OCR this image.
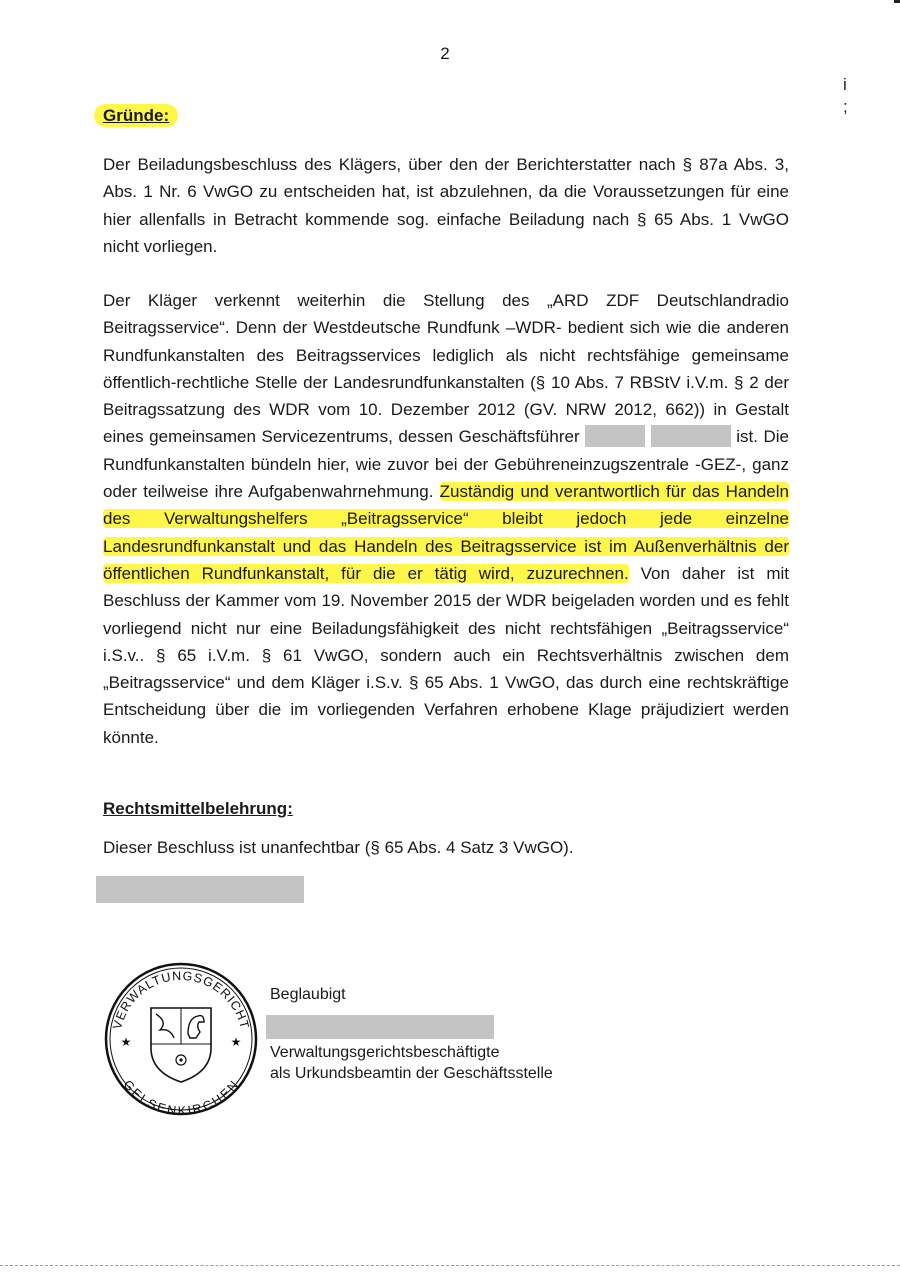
2
i ;
Gründe:

Der Beiladungsbeschluss des Klägers, über den der Berichterstatter nach § 87a Abs. 3, Abs. 1 Nr. 6 VwGO zu entscheiden hat, ist abzulehnen, da die Voraussetzungen für eine hier allenfalls in Betracht kommende sog. einfache Beiladung nach § 65 Abs. 1 VwGO nicht vorliegen.

Der Kläger verkennt weiterhin die Stellung des „ARD ZDF Deutschlandradio Beitragsservice“. Denn der Westdeutsche Rundfunk –WDR- bedient sich wie die anderen Rundfunkanstalten des Beitragsservices lediglich als nicht rechtsfähige gemeinsame öffentlich-rechtliche Stelle der Landesrundfunkanstalten (§ 10 Abs. 7 RBStV i.V.m. § 2 der Beitragssatzung des WDR vom 10. Dezember 2012 (GV. NRW 2012, 662)) in Gestalt eines gemeinsamen Servicezentrums, dessen Geschäftsführer	ist. Die Rundfunkanstalten bündeln hier, wie zuvor bei der Gebühreneinzugszentrale -GEZ-, ganz oder teilweise ihre Aufgabenwahrnehmung. Zuständig und verantwortlich für das Handeln des Verwaltungshelfers „Beitragsservice“ bleibt jedoch jede einzelne Landesrundfunkanstalt und das Handeln des Beitragsservice ist im Außenverhältnis der öffentlichen Rundfunkanstalt, für die er tätig wird, zuzurechnen. Von daher ist mit Beschluss der Kammer vom 19. November 2015 der WDR beigeladen worden und es fehlt vorliegend nicht nur eine Beiladungsfähigkeit des nicht rechtsfähigen „Beitragsservice“ i.S.v.. § 65 i.V.m. § 61 VwGO, sondern auch ein Rechtsverhältnis zwischen dem „Beitragsservice“ und dem Kläger i.S.v. § 65 Abs. 1 VwGO, das durch eine rechtskräftige Entscheidung über die im vorliegenden Verfahren erhobene Klage präjudiziert werden könnte.

Rechtsmittelbelehrung:

Dieser Beschluss ist unanfechtbar (§ 65 Abs. 4 Satz 3 VwGO).

VERWALTUNGSGERICHT
GELSENKIRCHEN
★	★
Beglaubigt
Verwaltungsgerichtsbeschäftigte
als Urkundsbeamtin der Geschäftsstelle
